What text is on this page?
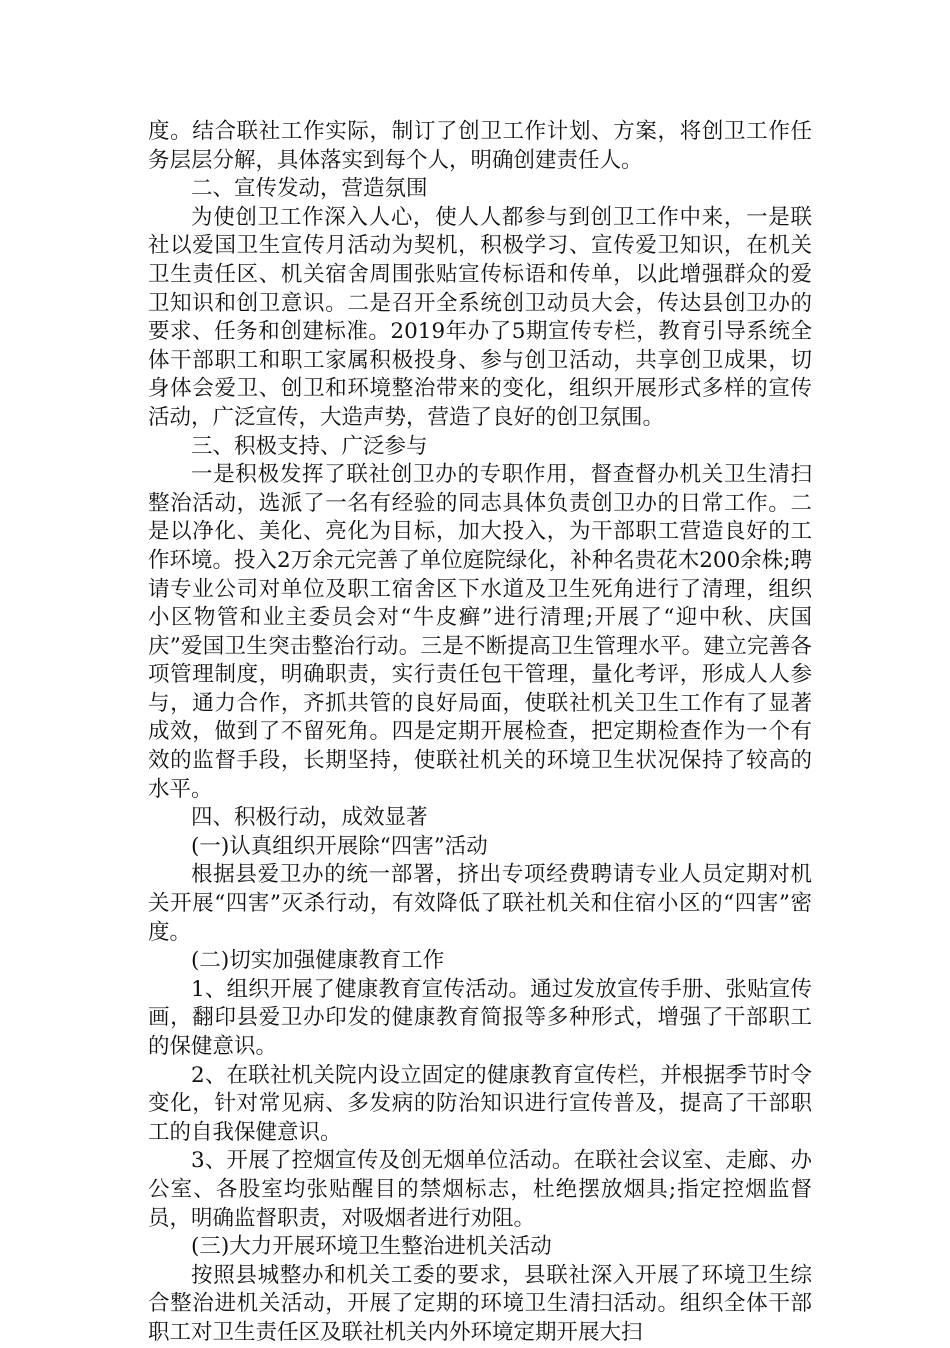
度。结合联社工作实际，制订了创卫工作计划、方案，将创卫工作任务层层分解，具体落实到每个人，明确创建责任人。

二、宣传发动，营造氛围

为使创卫工作深入人心，使人人都参与到创卫工作中来，一是联社以爱国卫生宣传月活动为契机，积极学习、宣传爱卫知识，在机关卫生责任区、机关宿舍周围张贴宣传标语和传单，以此增强群众的爱卫知识和创卫意识。二是召开全系统创卫动员大会，传达县创卫办的要求、任务和创建标准。2019年办了5期宣传专栏，教育引导系统全体干部职工和职工家属积极投身、参与创卫活动，共享创卫成果，切身体会爱卫、创卫和环境整治带来的变化，组织开展形式多样的宣传活动，广泛宣传，大造声势，营造了良好的创卫氛围。

三、积极支持、广泛参与

一是积极发挥了联社创卫办的专职作用，督查督办机关卫生清扫整治活动，选派了一名有经验的同志具体负责创卫办的日常工作。二是以净化、美化、亮化为目标，加大投入，为干部职工营造良好的工作环境。投入2万余元完善了单位庭院绿化，补种名贵花木200余株;聘请专业公司对单位及职工宿舍区下水道及卫生死角进行了清理，组织小区物管和业主委员会对“牛皮癣”进行清理;开展了“迎中秋、庆国庆”爱国卫生突击整治行动。三是不断提高卫生管理水平。建立完善各项管理制度，明确职责，实行责任包干管理，量化考评，形成人人参与，通力合作，齐抓共管的良好局面，使联社机关卫生工作有了显著成效，做到了不留死角。四是定期开展检查，把定期检查作为一个有效的监督手段，长期坚持，使联社机关的环境卫生状况保持了较高的水平。

四、积极行动，成效显著

(一)认真组织开展除“四害”活动

根据县爱卫办的统一部署，挤出专项经费聘请专业人员定期对机关开展“四害”灭杀行动，有效降低了联社机关和住宿小区的“四害”密度。

(二)切实加强健康教育工作

1、组织开展了健康教育宣传活动。通过发放宣传手册、张贴宣传画，翻印县爱卫办印发的健康教育简报等多种形式，增强了干部职工的保健意识。

2、在联社机关院内设立固定的健康教育宣传栏，并根据季节时令变化，针对常见病、多发病的防治知识进行宣传普及，提高了干部职工的自我保健意识。

3、开展了控烟宣传及创无烟单位活动。在联社会议室、走廊、办公室、各股室均张贴醒目的禁烟标志，杜绝摆放烟具;指定控烟监督员，明确监督职责，对吸烟者进行劝阻。

(三)大力开展环境卫生整治进机关活动

按照县城整办和机关工委的要求，县联社深入开展了环境卫生综合整治进机关活动，开展了定期的环境卫生清扫活动。组织全体干部职工对卫生责任区及联社机关内外环境定期开展大扫
